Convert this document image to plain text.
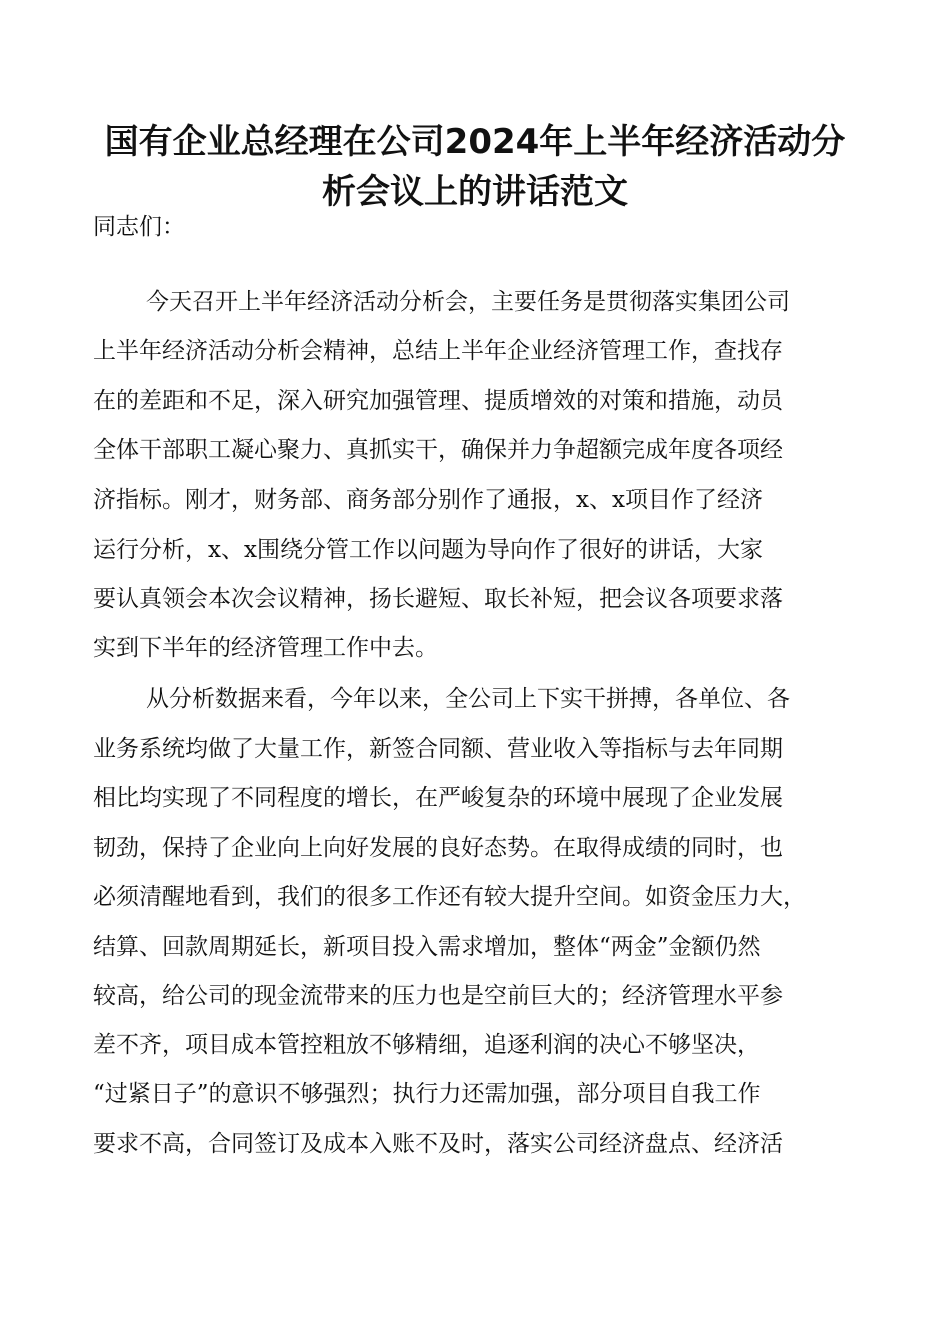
国有企业总经理在公司2024年上半年经济活动分
析会议上的讲话范文
同志们：
今天召开上半年经济活动分析会，主要任务是贯彻落实集团公司
上半年经济活动分析会精神，总结上半年企业经济管理工作，查找存
在的差距和不足，深入研究加强管理、提质增效的对策和措施，动员
全体干部职工凝心聚力、真抓实干，确保并力争超额完成年度各项经
济指标。刚才，财务部、商务部分别作了通报，x、x项目作了经济
运行分析，x、x围绕分管工作以问题为导向作了很好的讲话，大家
要认真领会本次会议精神，扬长避短、取长补短，把会议各项要求落
实到下半年的经济管理工作中去。
从分析数据来看，今年以来，全公司上下实干拼搏，各单位、各
业务系统均做了大量工作，新签合同额、营业收入等指标与去年同期
相比均实现了不同程度的增长，在严峻复杂的环境中展现了企业发展
韧劲，保持了企业向上向好发展的良好态势。在取得成绩的同时，也
必须清醒地看到，我们的很多工作还有较大提升空间。如资金压力大，
结算、回款周期延长，新项目投入需求增加，整体“两金”金额仍然
较高，给公司的现金流带来的压力也是空前巨大的；经济管理水平参
差不齐，项目成本管控粗放不够精细，追逐利润的决心不够坚决，
“过紧日子”的意识不够强烈；执行力还需加强，部分项目自我工作
要求不高，合同签订及成本入账不及时，落实公司经济盘点、经济活
